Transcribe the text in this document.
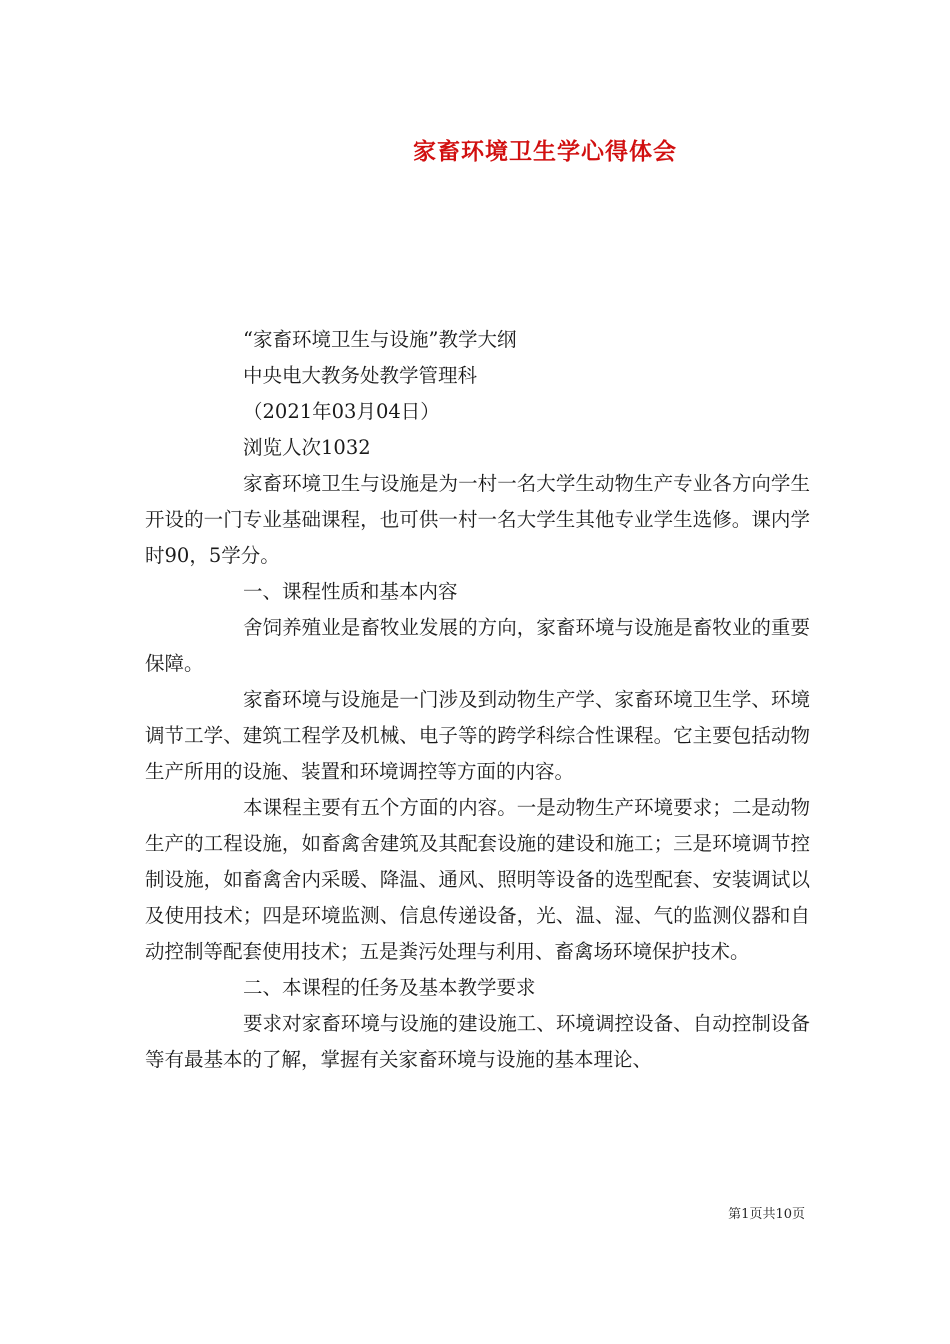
家畜环境卫生学心得体会

“家畜环境卫生与设施”教学大纲

中央电大教务处教学管理科

（2021年03月04日）

浏览人次1032

家畜环境卫生与设施是为一村一名大学生动物生产专业各方向学生开设的一门专业基础课程，也可供一村一名大学生其他专业学生选修。课内学时90，5学分。

一、课程性质和基本内容

舍饲养殖业是畜牧业发展的方向，家畜环境与设施是畜牧业的重要保障。

家畜环境与设施是一门涉及到动物生产学、家畜环境卫生学、环境调节工学、建筑工程学及机械、电子等的跨学科综合性课程。它主要包括动物生产所用的设施、装置和环境调控等方面的内容。

本课程主要有五个方面的内容。一是动物生产环境要求；二是动物生产的工程设施，如畜禽舍建筑及其配套设施的建设和施工；三是环境调节控制设施，如畜禽舍内采暖、降温、通风、照明等设备的选型配套、安装调试以及使用技术；四是环境监测、信息传递设备，光、温、湿、气的监测仪器和自动控制等配套使用技术；五是粪污处理与利用、畜禽场环境保护技术。

二、本课程的任务及基本教学要求

要求对家畜环境与设施的建设施工、环境调控设备、自动控制设备等有最基本的了解，掌握有关家畜环境与设施的基本理论、

第1页共10页
